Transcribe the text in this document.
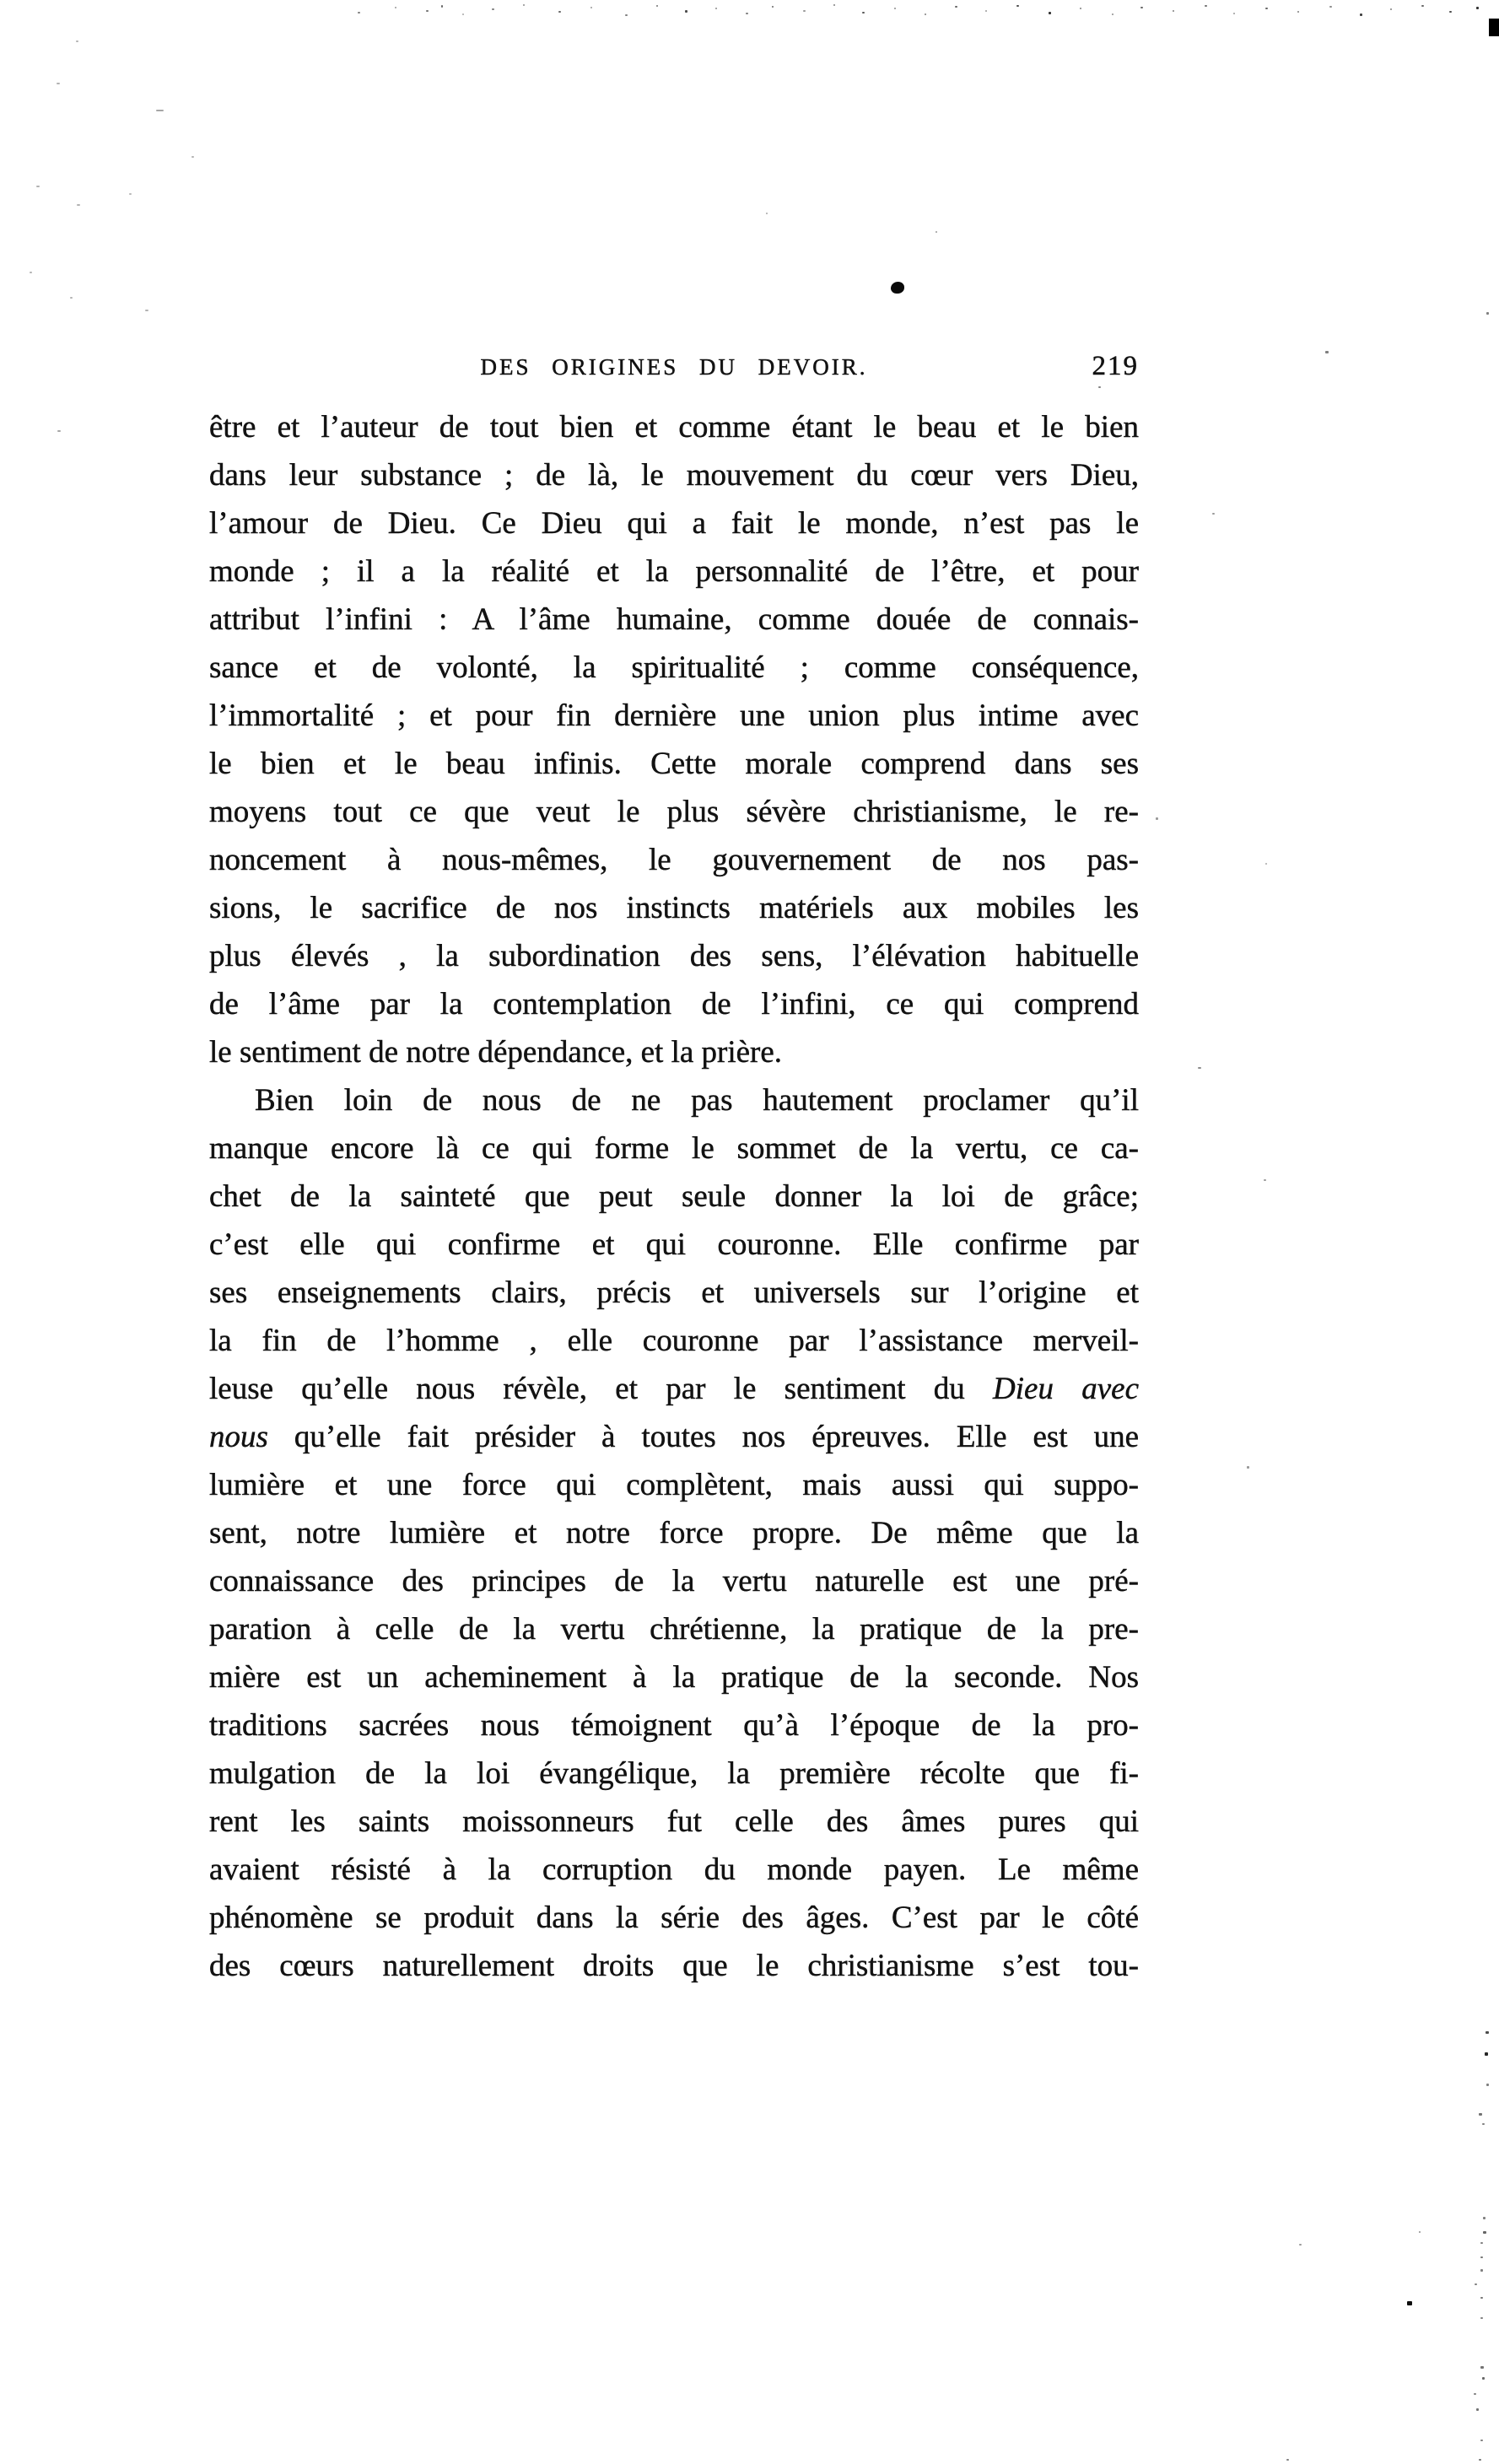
DES ORIGINES DU DEVOIR.	219
être et l’auteur de tout bien et comme étant le beau et le bien
dans leur substance ; de là, le mouvement du cœur vers Dieu,
l’amour de Dieu. Ce Dieu qui a fait le monde, n’est pas le
monde ; il a la réalité et la personnalité de l’être, et pour
attribut l’infini : A l’âme humaine, comme douée de connais-
sance et de volonté, la spiritualité ; comme conséquence,
l’immortalité ; et pour fin dernière une union plus intime avec
le bien et le beau infinis. Cette morale comprend dans ses
moyens tout ce que veut le plus sévère christianisme, le re-
noncement à nous-mêmes, le gouvernement de nos pas-
sions, le sacrifice de nos instincts matériels aux mobiles les
plus élevés , la subordination des sens, l’élévation habituelle
de l’âme par la contemplation de l’infini, ce qui comprend
le sentiment de notre dépendance, et la prière.
Bien loin de nous de ne pas hautement proclamer qu’il
manque encore là ce qui forme le sommet de la vertu, ce ca-
chet de la sainteté que peut seule donner la loi de grâce;
c’est elle qui confirme et qui couronne. Elle confirme par
ses enseignements clairs, précis et universels sur l’origine et
la fin de l’homme , elle couronne par l’assistance merveil-
leuse qu’elle nous révèle, et par le sentiment du Dieu avec
nous qu’elle fait présider à toutes nos épreuves. Elle est une
lumière et une force qui complètent, mais aussi qui suppo-
sent, notre lumière et notre force propre. De même que la
connaissance des principes de la vertu naturelle est une pré-
paration à celle de la vertu chrétienne, la pratique de la pre-
mière est un acheminement à la pratique de la seconde. Nos
traditions sacrées nous témoignent qu’à l’époque de la pro-
mulgation de la loi évangélique, la première récolte que fi-
rent les saints moissonneurs fut celle des âmes pures qui
avaient résisté à la corruption du monde payen. Le même
phénomène se produit dans la série des âges. C’est par le côté
des cœurs naturellement droits que le christianisme s’est tou-
